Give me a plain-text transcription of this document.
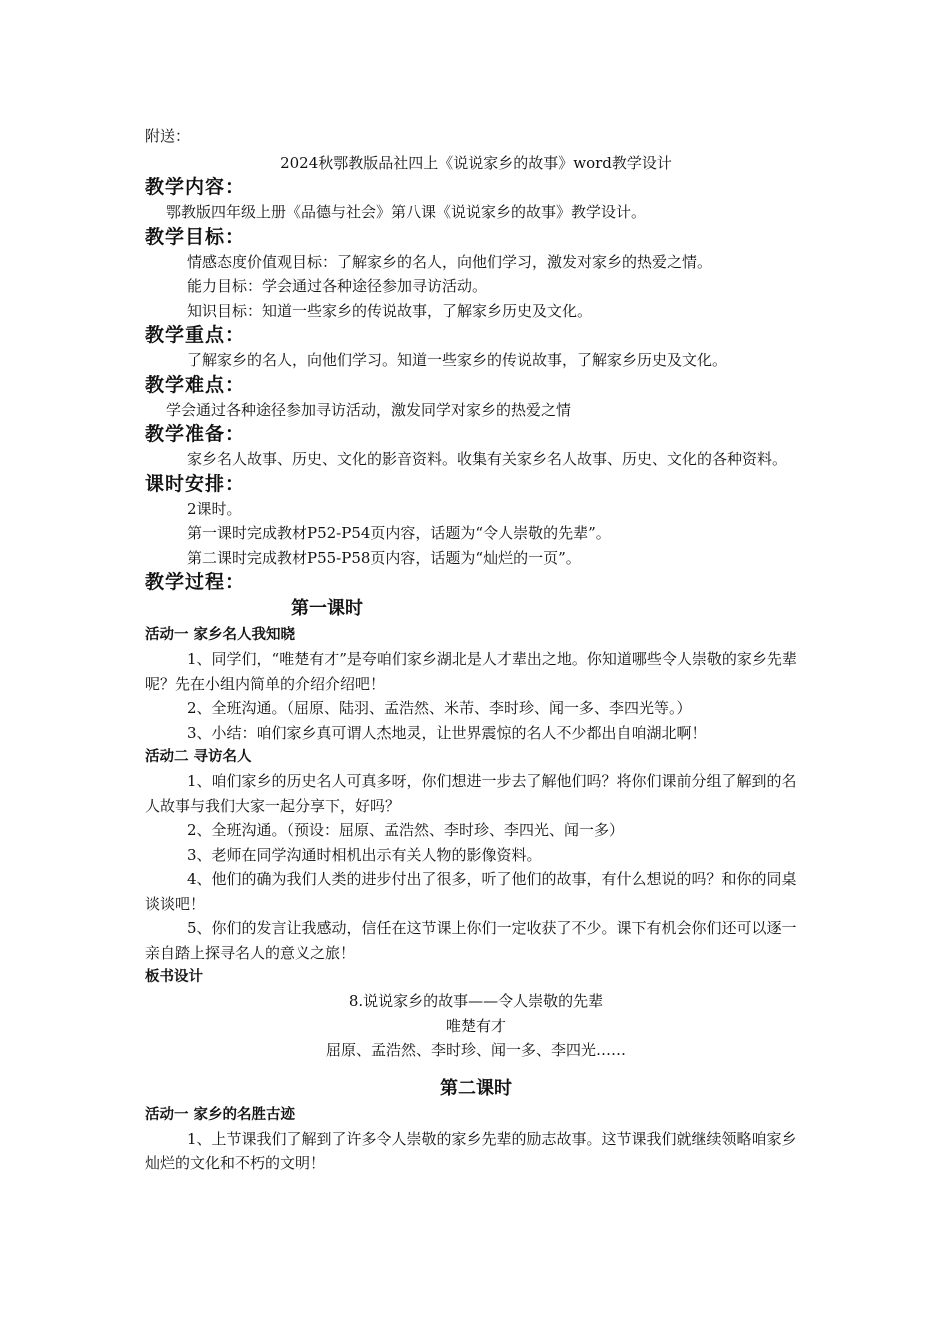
附送：

2024秋鄂教版品社四上《说说家乡的故事》word教学设计

教学内容：

鄂教版四年级上册《品德与社会》第八课《说说家乡的故事》教学设计。

教学目标：

情感态度价值观目标：了解家乡的名人，向他们学习，激发对家乡的热爱之情。

能力目标：学会通过各种途径参加寻访活动。

知识目标：知道一些家乡的传说故事，了解家乡历史及文化。

教学重点：

了解家乡的名人，向他们学习。知道一些家乡的传说故事，了解家乡历史及文化。

教学难点：

学会通过各种途径参加寻访活动，激发同学对家乡的热爱之情

教学准备：

家乡名人故事、历史、文化的影音资料。收集有关家乡名人故事、历史、文化的各种资料。

课时安排：

2课时。

第一课时完成教材P52-P54页内容，话题为“令人崇敬的先辈”。

第二课时完成教材P55-P58页内容，话题为“灿烂的一页”。

教学过程：

第一课时

活动一 家乡名人我知晓

1、同学们，“唯楚有才”是夸咱们家乡湖北是人才辈出之地。你知道哪些令人崇敬的家乡先辈呢？先在小组内简单的介绍介绍吧！

2、全班沟通。（屈原、陆羽、孟浩然、米芾、李时珍、闻一多、李四光等。）

3、小结：咱们家乡真可谓人杰地灵，让世界震惊的名人不少都出自咱湖北啊！

活动二 寻访名人

1、咱们家乡的历史名人可真多呀，你们想进一步去了解他们吗？将你们课前分组了解到的名人故事与我们大家一起分享下，好吗？

2、全班沟通。（预设：屈原、孟浩然、李时珍、李四光、闻一多）

3、老师在同学沟通时相机出示有关人物的影像资料。

4、他们的确为我们人类的进步付出了很多，听了他们的故事，有什么想说的吗？和你的同桌谈谈吧！

5、你们的发言让我感动，信任在这节课上你们一定收获了不少。课下有机会你们还可以逐一亲自踏上探寻名人的意义之旅！

板书设计

8.说说家乡的故事——令人崇敬的先辈

唯楚有才

屈原、孟浩然、李时珍、闻一多、李四光……

第二课时

活动一 家乡的名胜古迹

1、上节课我们了解到了许多令人崇敬的家乡先辈的励志故事。这节课我们就继续领略咱家乡灿烂的文化和不朽的文明！
